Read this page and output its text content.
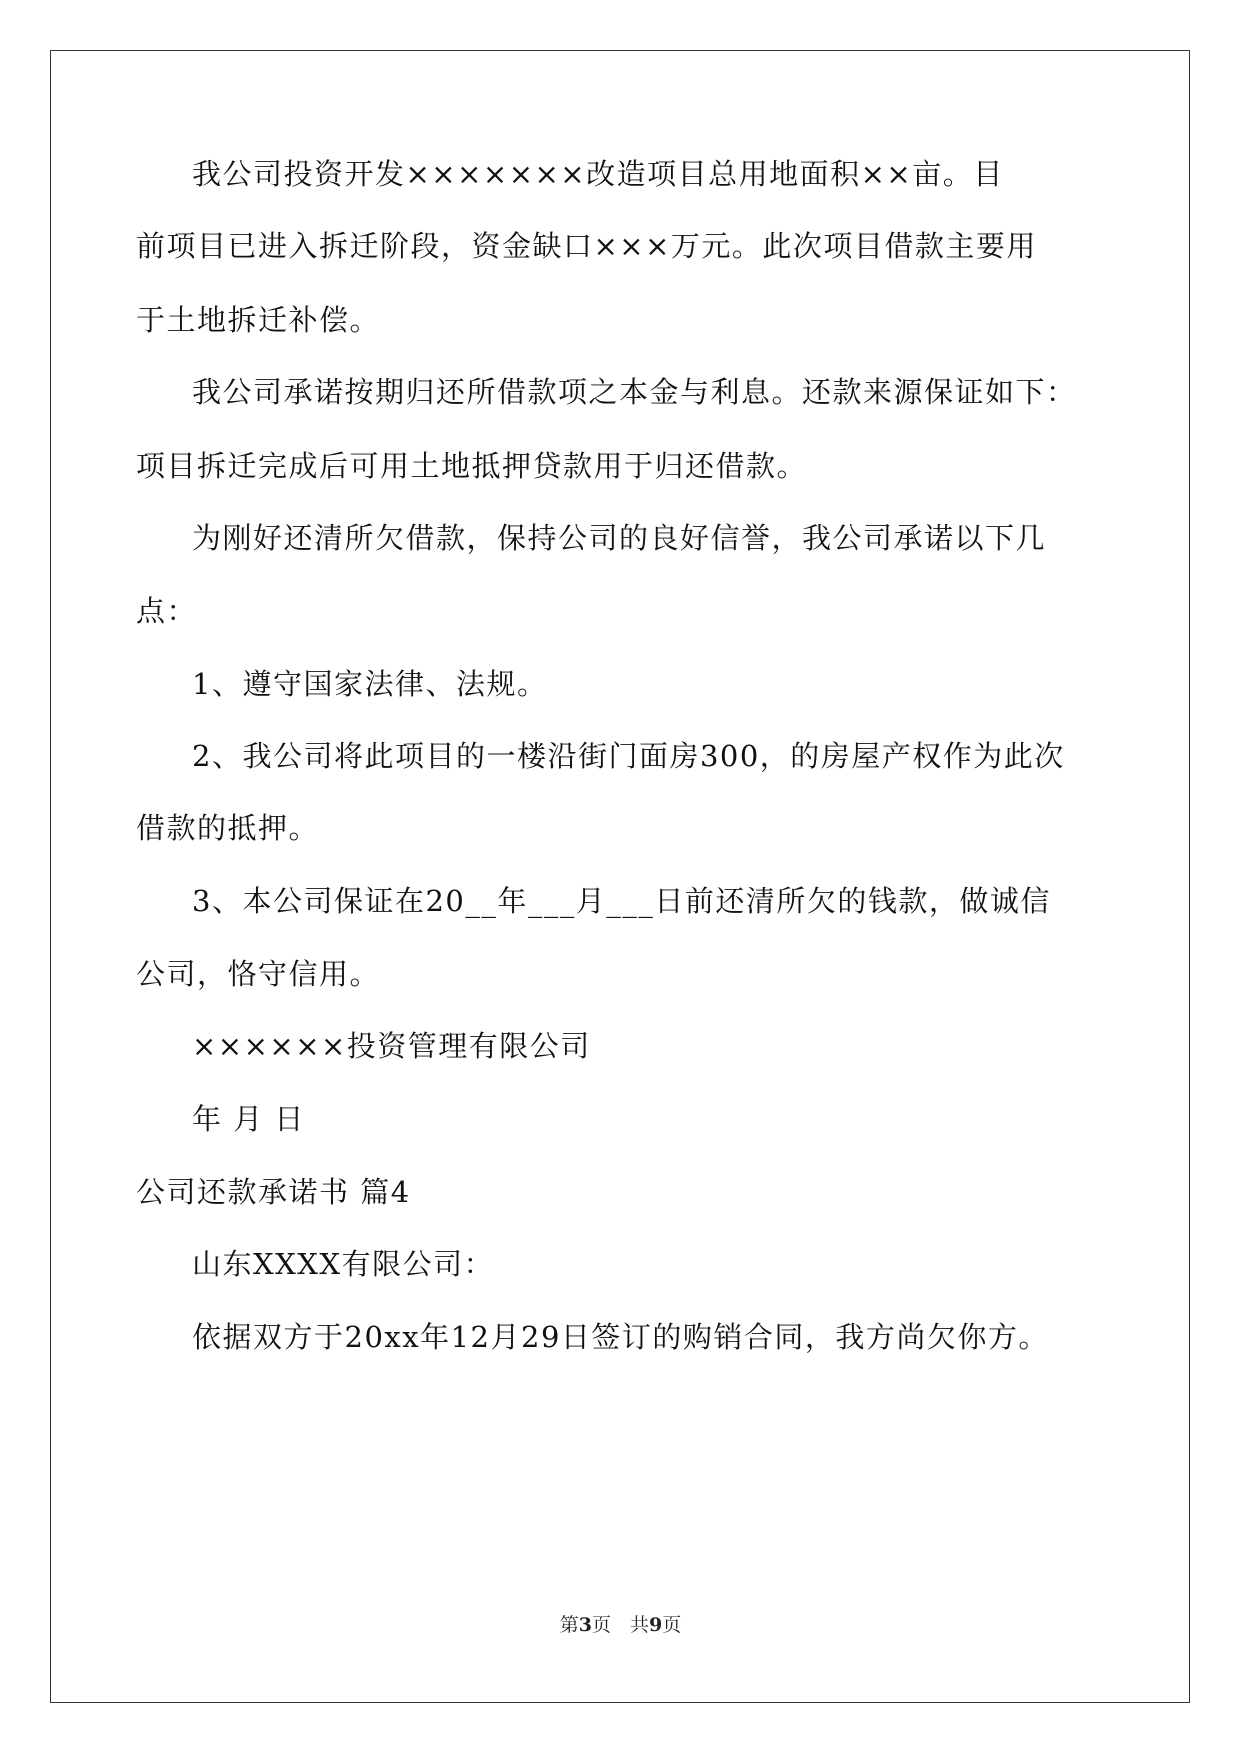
我公司投资开发×××××××改造项目总用地面积××亩。目
前项目已进入拆迁阶段，资金缺口×××万元。此次项目借款主要用
于土地拆迁补偿。
我公司承诺按期归还所借款项之本金与利息。还款来源保证如下：
项目拆迁完成后可用土地抵押贷款用于归还借款。
为刚好还清所欠借款，保持公司的良好信誉，我公司承诺以下几
点：
1、遵守国家法律、法规。
2、我公司将此项目的一楼沿街门面房300，的房屋产权作为此次
借款的抵押。
3、本公司保证在20__年___月___日前还清所欠的钱款，做诚信
公司，恪守信用。
××××××投资管理有限公司
年 月 日
公司还款承诺书 篇4
山东XXXX有限公司：
依据双方于20xx年12月29日签订的购销合同，我方尚欠你方。
第3页　共9页
